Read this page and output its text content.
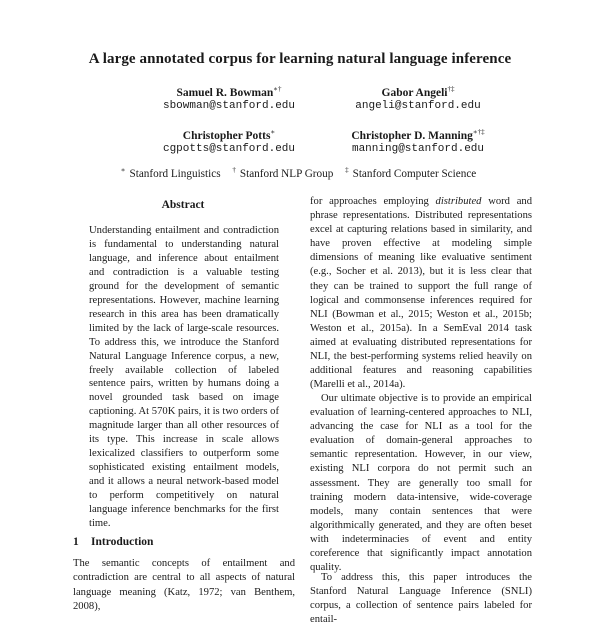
A large annotated corpus for learning natural language inference
Samuel R. Bowman∗†
sbowman@stanford.edu
Gabor Angeli†‡
angeli@stanford.edu
Christopher Potts∗
cgpotts@stanford.edu
Christopher D. Manning∗†‡
manning@stanford.edu
∗ Stanford Linguistics † Stanford NLP Group ‡ Stanford Computer Science
Abstract
Understanding entailment and contradiction is fundamental to understanding natural language, and inference about entailment and contradiction is a valuable testing ground for the development of semantic representations. However, machine learning research in this area has been dramatically limited by the lack of large-scale resources. To address this, we introduce the Stanford Natural Language Inference corpus, a new, freely available collection of labeled sentence pairs, written by humans doing a novel grounded task based on image captioning. At 570K pairs, it is two orders of magnitude larger than all other resources of its type. This increase in scale allows lexicalized classifiers to outperform some sophisticated existing entailment models, and it allows a neural network-based model to perform competitively on natural language inference benchmarks for the first time.
1 Introduction
The semantic concepts of entailment and contradiction are central to all aspects of natural language meaning (Katz, 1972; van Benthem, 2008),
for approaches employing distributed word and phrase representations. Distributed representations excel at capturing relations based in similarity, and have proven effective at modeling simple dimensions of meaning like evaluative sentiment (e.g., Socher et al. 2013), but it is less clear that they can be trained to support the full range of logical and commonsense inferences required for NLI (Bowman et al., 2015; Weston et al., 2015b; Weston et al., 2015a). In a SemEval 2014 task aimed at evaluating distributed representations for NLI, the best-performing systems relied heavily on additional features and reasoning capabilities (Marelli et al., 2014a).
Our ultimate objective is to provide an empirical evaluation of learning-centered approaches to NLI, advancing the case for NLI as a tool for the evaluation of domain-general approaches to semantic representation. However, in our view, existing NLI corpora do not permit such an assessment. They are generally too small for training modern data-intensive, wide-coverage models, many contain sentences that were algorithmically generated, and they are often beset with indeterminacies of event and entity coreference that significantly impact annotation quality.
To address this, this paper introduces the Stanford Natural Language Inference (SNLI) corpus, a collection of sentence pairs labeled for entail-
